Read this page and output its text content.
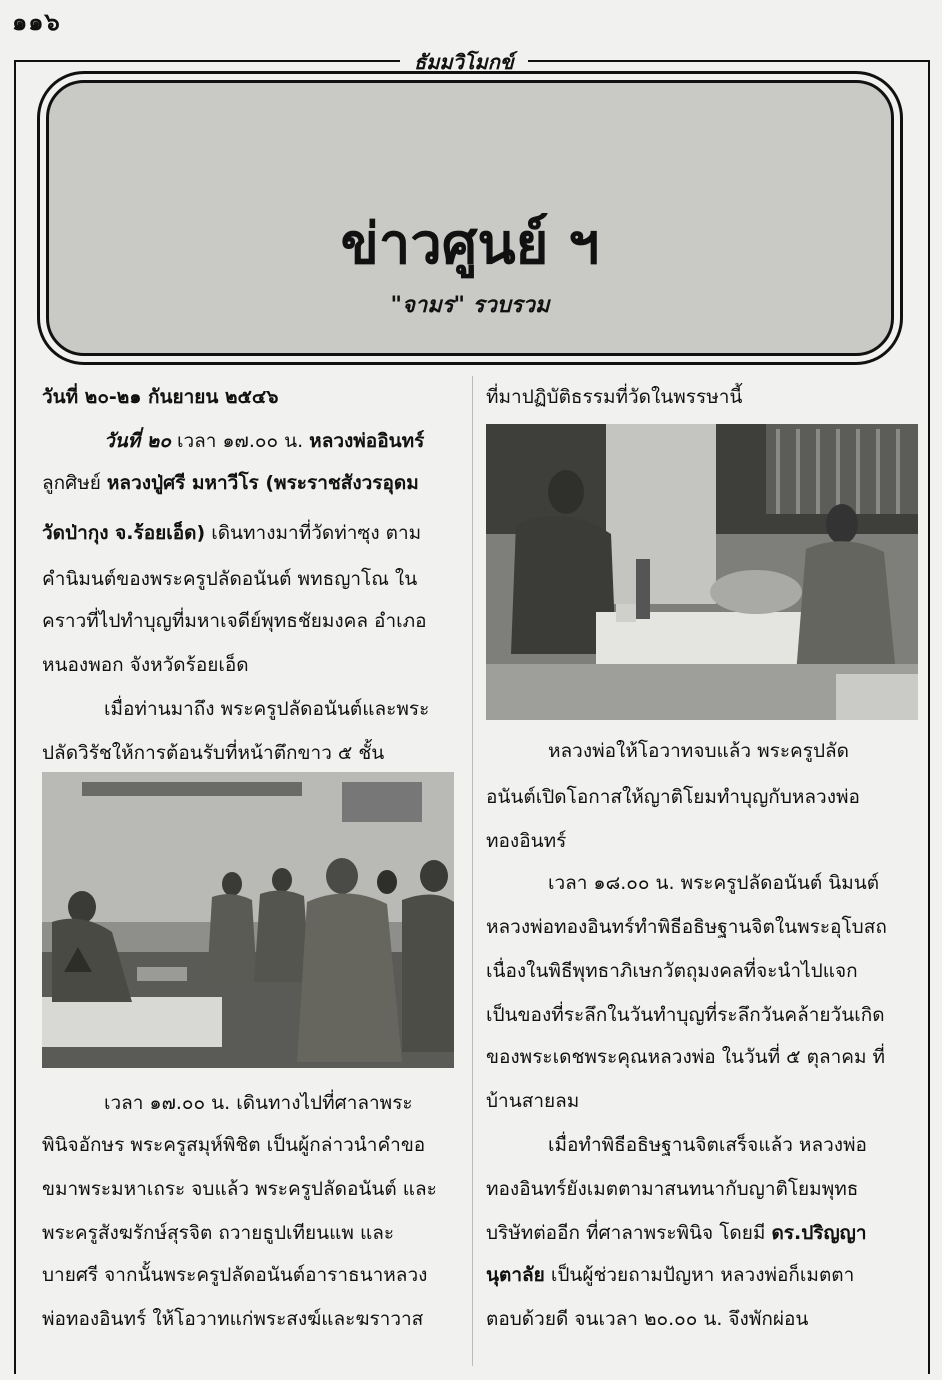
๑๑๖
ธัมมวิโมกข์
ข่าวศูนย์ ฯ
"จามร" รวบรวม
วันที่ ๒๐-๒๑ กันยายน ๒๕๔๖
วันที่ ๒๐ เวลา ๑๗.๐๐ น. หลวงพ่ออินทร์
ลูกศิษย์ หลวงปู่ศรี มหาวีโร (พระราชสังวรอุดม
วัดป่ากุง จ.ร้อยเอ็ด) เดินทางมาที่วัดท่าซุง ตาม
คำนิมนต์ของพระครูปลัดอนันต์ พทธญาโณ ใน
คราวที่ไปทำบุญที่มหาเจดีย์พุทธชัยมงคล อำเภอ
หนองพอก จังหวัดร้อยเอ็ด
เมื่อท่านมาถึง พระครูปลัดอนันต์และพระ
ปลัดวิรัชให้การต้อนรับที่หน้าตึกขาว ๕ ชั้น
เวลา ๑๗.๐๐ น. เดินทางไปที่ศาลาพระ
พินิจอักษร พระครูสมุห์พิชิต เป็นผู้กล่าวนำคำขอ
ขมาพระมหาเถระ จบแล้ว พระครูปลัดอนันต์ และ
พระครูสังฆรักษ์สุรจิต ถวายธูปเทียนแพ และ
บายศรี จากนั้นพระครูปลัดอนันต์อาราธนาหลวง
พ่อทองอินทร์ ให้โอวาทแก่พระสงฆ์และฆราวาส
ที่มาปฏิบัติธรรมที่วัดในพรรษานี้
หลวงพ่อให้โอวาทจบแล้ว พระครูปลัด
อนันต์เปิดโอกาสให้ญาติโยมทำบุญกับหลวงพ่อ
ทองอินทร์
เวลา ๑๘.๐๐ น. พระครูปลัดอนันต์ นิมนต์
หลวงพ่อทองอินทร์ทำพิธีอธิษฐานจิตในพระอุโบสถ
เนื่องในพิธีพุทธาภิเษกวัตถุมงคลที่จะนำไปแจก
เป็นของที่ระลึกในวันทำบุญที่ระลึกวันคล้ายวันเกิด
ของพระเดชพระคุณหลวงพ่อ ในวันที่ ๕ ตุลาคม ที่
บ้านสายลม
เมื่อทำพิธีอธิษฐานจิตเสร็จแล้ว หลวงพ่อ
ทองอินทร์ยังเมตตามาสนทนากับญาติโยมพุทธ
บริษัทต่ออีก ที่ศาลาพระพินิจ โดยมี ดร.ปริญญา
นุตาลัย เป็นผู้ช่วยถามปัญหา หลวงพ่อก็เมตตา
ตอบด้วยดี จนเวลา ๒๐.๐๐ น. จึงพักผ่อน
